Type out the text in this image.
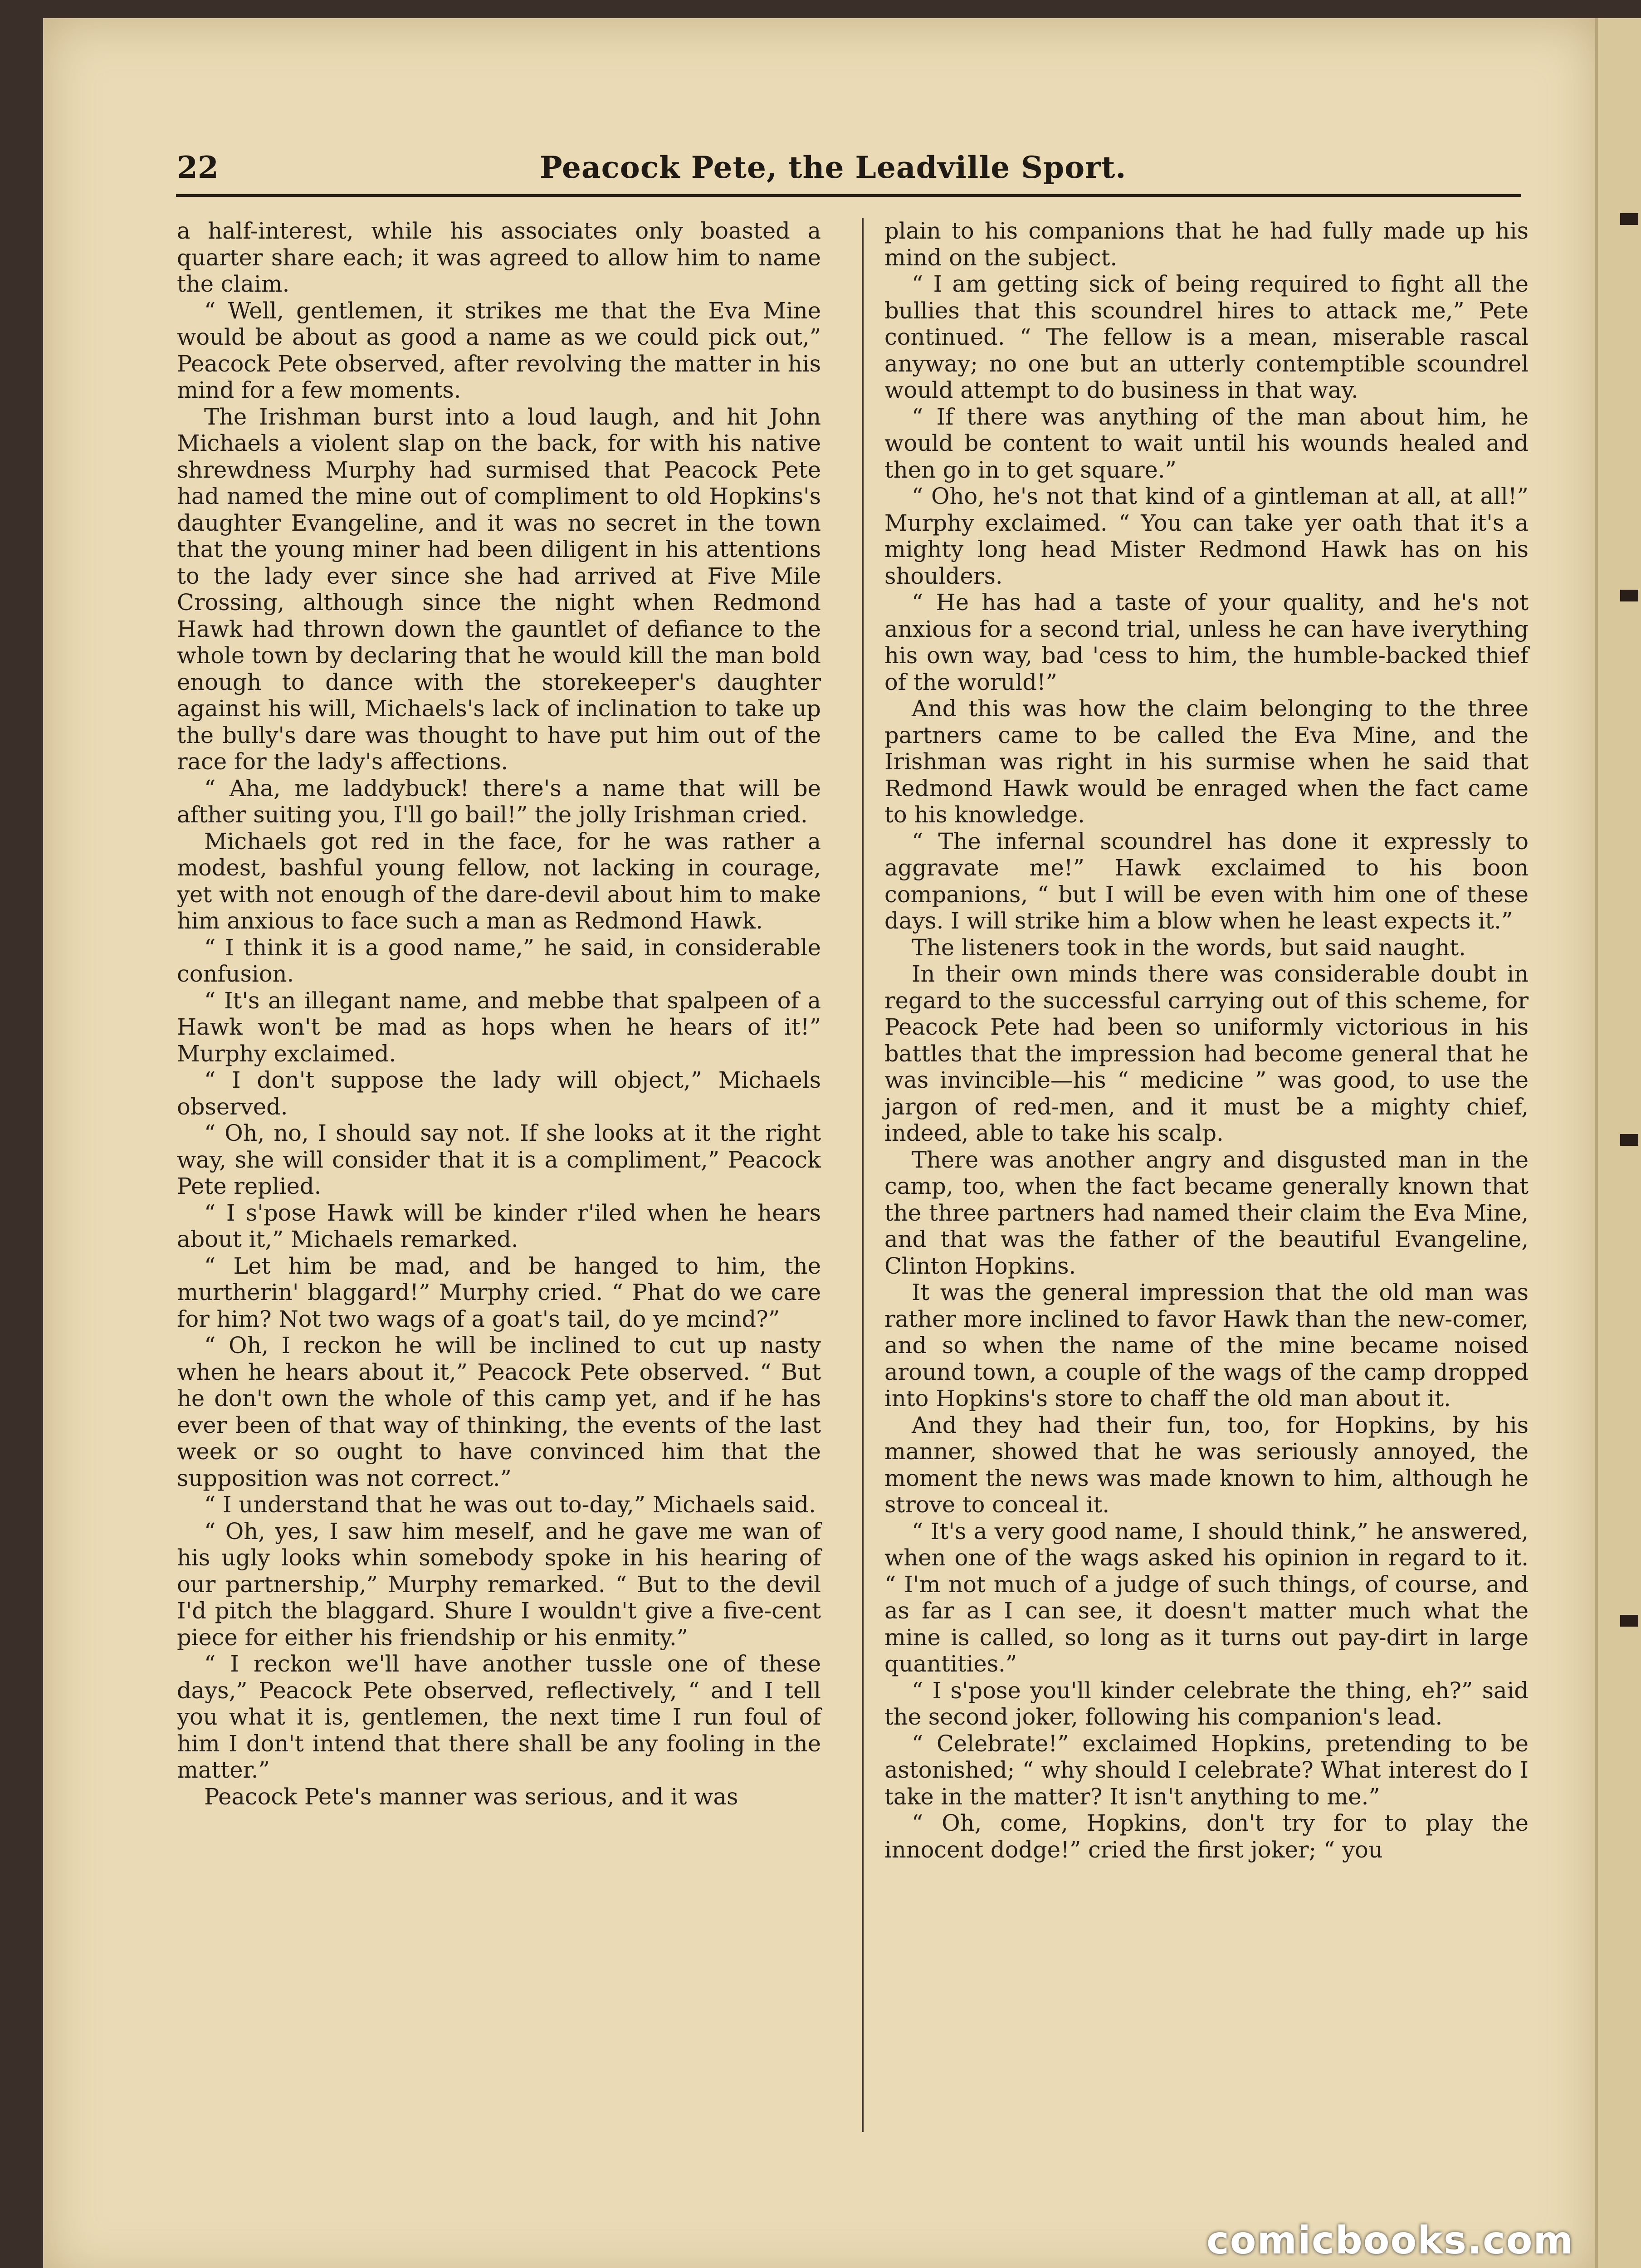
22	Peacock Pete, the Leadville Sport.

a half-interest, while his associates only boasted a quarter share each; it was agreed to allow him to name the claim.

“ Well, gentlemen, it strikes me that the Eva Mine would be about as good a name as we could pick out,” Peacock Pete observed, after revolving the matter in his mind for a few moments.

The Irishman burst into a loud laugh, and hit John Michaels a violent slap on the back, for with his native shrewdness Murphy had surmised that Peacock Pete had named the mine out of compliment to old Hopkins's daughter Evangeline, and it was no secret in the town that the young miner had been diligent in his attentions to the lady ever since she had arrived at Five Mile Crossing, although since the night when Redmond Hawk had thrown down the gauntlet of defiance to the whole town by declaring that he would kill the man bold enough to dance with the storekeeper's daughter against his will, Michaels's lack of inclination to take up the bully's dare was thought to have put him out of the race for the lady's affections.

“ Aha, me laddybuck! there's a name that will be afther suiting you, I'll go bail!” the jolly Irishman cried.

Michaels got red in the face, for he was rather a modest, bashful young fellow, not lacking in courage, yet with not enough of the dare-devil about him to make him anxious to face such a man as Redmond Hawk.

“ I think it is a good name,” he said, in considerable confusion.

“ It's an illegant name, and mebbe that spalpeen of a Hawk won't be mad as hops when he hears of it!” Murphy exclaimed.

“ I don't suppose the lady will object,” Michaels observed.

“ Oh, no, I should say not. If she looks at it the right way, she will consider that it is a compliment,” Peacock Pete replied.

“ I s'pose Hawk will be kinder r'iled when he hears about it,” Michaels remarked.

“ Let him be mad, and be hanged to him, the murtherin' blaggard!” Murphy cried. “ Phat do we care for him? Not two wags of a goat's tail, do ye mcind?”

“ Oh, I reckon he will be inclined to cut up nasty when he hears about it,” Peacock Pete observed. “ But he don't own the whole of this camp yet, and if he has ever been of that way of thinking, the events of the last week or so ought to have convinced him that the supposition was not correct.”

“ I understand that he was out to-day,” Michaels said.

“ Oh, yes, I saw him meself, and he gave me wan of his ugly looks whin somebody spoke in his hearing of our partnership,” Murphy remarked. “ But to the devil I'd pitch the blaggard. Shure I wouldn't give a five-cent piece for either his friendship or his enmity.”

“ I reckon we'll have another tussle one of these days,” Peacock Pete observed, reflectively, “ and I tell you what it is, gentlemen, the next time I run foul of him I don't intend that there shall be any fooling in the matter.”

Peacock Pete's manner was serious, and it was

plain to his companions that he had fully made up his mind on the subject.

“ I am getting sick of being required to fight all the bullies that this scoundrel hires to attack me,” Pete continued. “ The fellow is a mean, miserable rascal anyway; no one but an utterly contemptible scoundrel would attempt to do business in that way.

“ If there was anything of the man about him, he would be content to wait until his wounds healed and then go in to get square.”

“ Oho, he's not that kind of a gintleman at all, at all!” Murphy exclaimed. “ You can take yer oath that it's a mighty long head Mister Redmond Hawk has on his shoulders.

“ He has had a taste of your quality, and he's not anxious for a second trial, unless he can have iverything his own way, bad 'cess to him, the humble-backed thief of the woruld!”

And this was how the claim belonging to the three partners came to be called the Eva Mine, and the Irishman was right in his surmise when he said that Redmond Hawk would be enraged when the fact came to his knowledge.

“ The infernal scoundrel has done it expressly to aggravate me!” Hawk exclaimed to his boon companions, “ but I will be even with him one of these days. I will strike him a blow when he least expects it.”

The listeners took in the words, but said naught.

In their own minds there was considerable doubt in regard to the successful carrying out of this scheme, for Peacock Pete had been so uniformly victorious in his battles that the impression had become general that he was invincible—his “ medicine ” was good, to use the jargon of red-men, and it must be a mighty chief, indeed, able to take his scalp.

There was another angry and disgusted man in the camp, too, when the fact became generally known that the three partners had named their claim the Eva Mine, and that was the father of the beautiful Evangeline, Clinton Hopkins.

It was the general impression that the old man was rather more inclined to favor Hawk than the new-comer, and so when the name of the mine became noised around town, a couple of the wags of the camp dropped into Hopkins's store to chaff the old man about it.

And they had their fun, too, for Hopkins, by his manner, showed that he was seriously annoyed, the moment the news was made known to him, although he strove to conceal it.

“ It's a very good name, I should think,” he answered, when one of the wags asked his opinion in regard to it. “ I'm not much of a judge of such things, of course, and as far as I can see, it doesn't matter much what the mine is called, so long as it turns out pay-dirt in large quantities.”

“ I s'pose you'll kinder celebrate the thing, eh?” said the second joker, following his companion's lead.

“ Celebrate!” exclaimed Hopkins, pretending to be astonished; “ why should I celebrate? What interest do I take in the matter? It isn't anything to me.”

“ Oh, come, Hopkins, don't try for to play the innocent dodge!” cried the first joker; “ you

comicbooks.com
